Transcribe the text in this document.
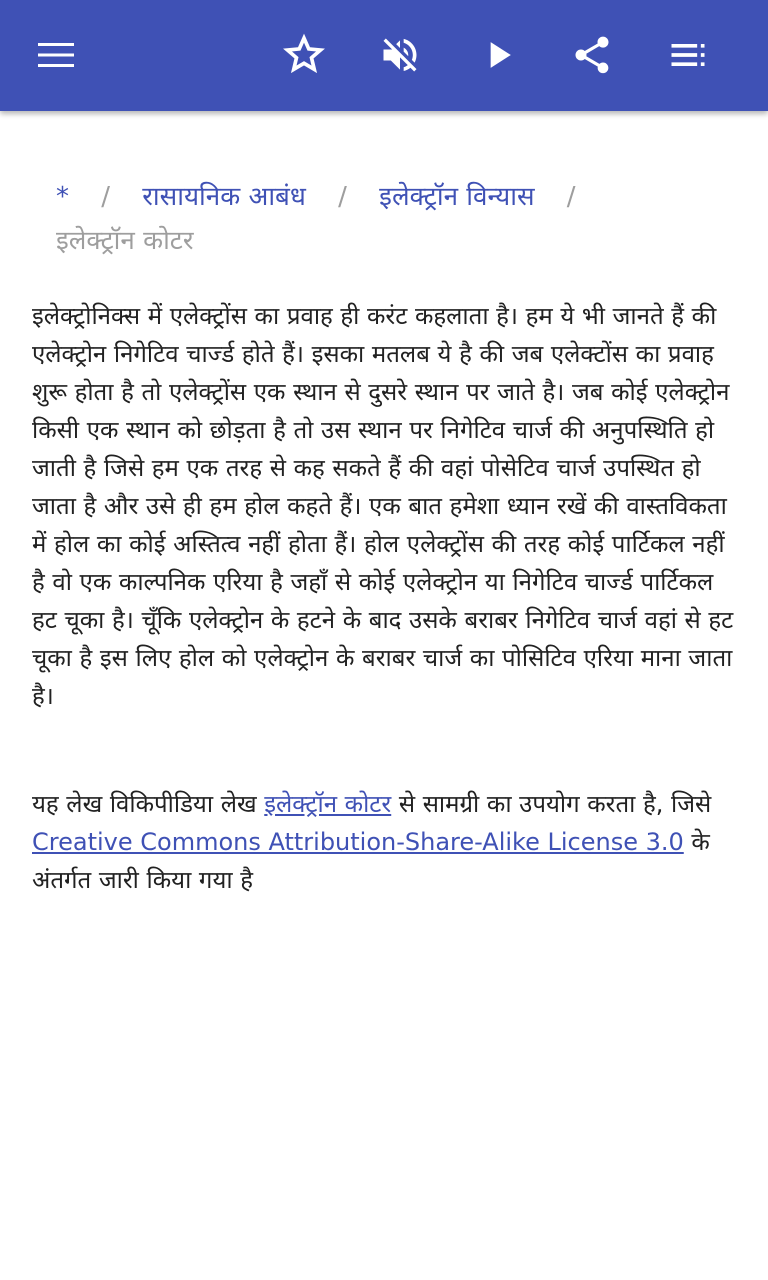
* / रासायनिक आबंध / इलेक्ट्रॉन विन्यास /
इलेक्ट्रॉन कोटर

इलेक्ट्रोनिक्स में एलेक्ट्रोंस का प्रवाह ही करंट कहलाता है। हम ये भी जानते हैं की एलेक्ट्रोन निगेटिव चार्ज्ड होते हैं। इसका मतलब ये है की जब एलेक्टोंस का प्रवाह शुरू होता है तो एलेक्ट्रोंस एक स्थान से दुसरे स्थान पर जाते है। जब कोई एलेक्ट्रोन किसी एक स्थान को छोड़ता है तो उस स्थान पर निगेटिव चार्ज की अनुपस्थिति हो जाती है जिसे हम एक तरह से कह सकते हैं की वहां पोसेटिव चार्ज उपस्थित हो जाता है और उसे ही हम होल कहते हैं। एक बात हमेशा ध्यान रखें की वास्तविकता में होल का कोई अस्तित्व नहीं होता हैं। होल एलेक्ट्रोंस की तरह कोई पार्टिकल नहीं है वो एक काल्पनिक एरिया है जहाँ से कोई एलेक्ट्रोन या निगेटिव चार्ज्ड पार्टिकल हट चूका है। चूँकि एलेक्ट्रोन के हटने के बाद उसके बराबर निगेटिव चार्ज वहां से हट चूका है इस लिए होल को एलेक्ट्रोन के बराबर चार्ज का पोसिटिव एरिया माना जाता है।

यह लेख विकिपीडिया लेख इलेक्ट्रॉन कोटर से सामग्री का उपयोग करता है, जिसे Creative Commons Attribution-Share-Alike License 3.0 के अंतर्गत जारी किया गया है
